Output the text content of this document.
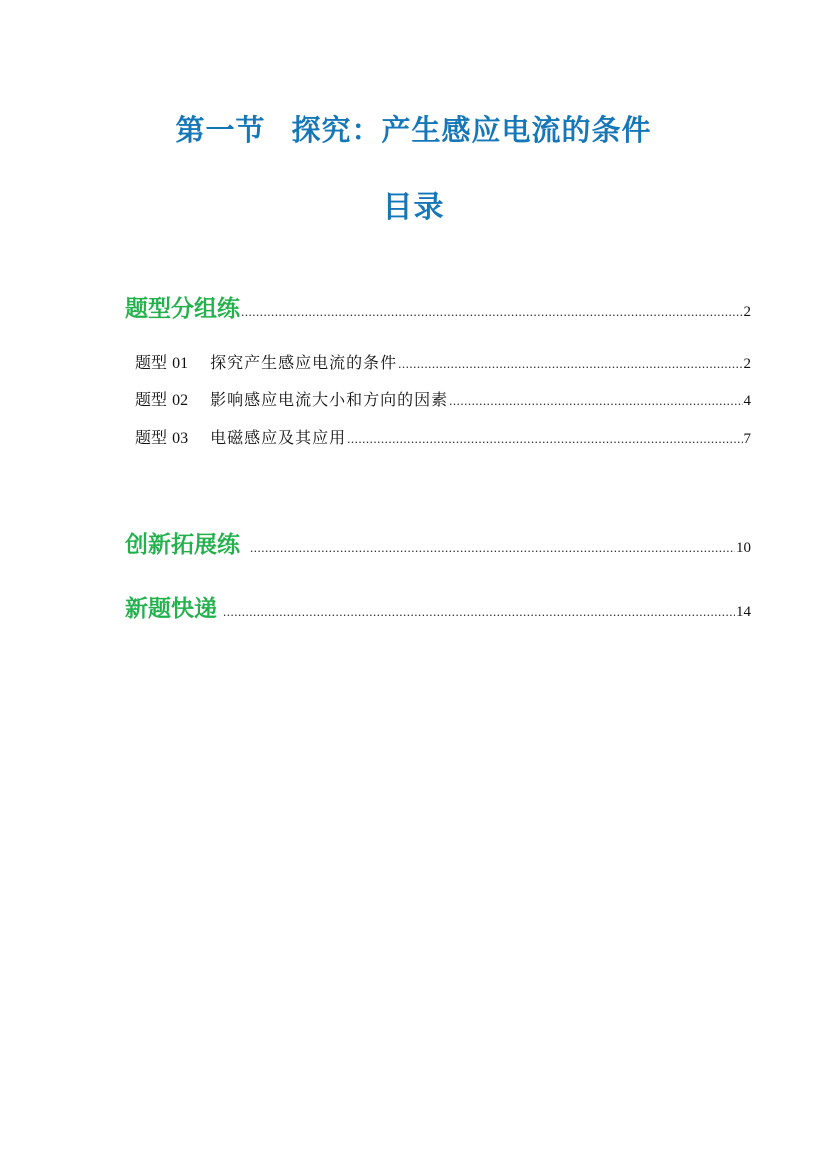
第一节 探究：产生感应电流的条件
目录
题型分组练 .....	2
题型 01 探究产生感应电流的条件 .....	2
题型 02 影响感应电流大小和方向的因素 .....	4
题型 03 电磁感应及其应用 .....	7
创新拓展练 .....	10
新题快递 .....	14
